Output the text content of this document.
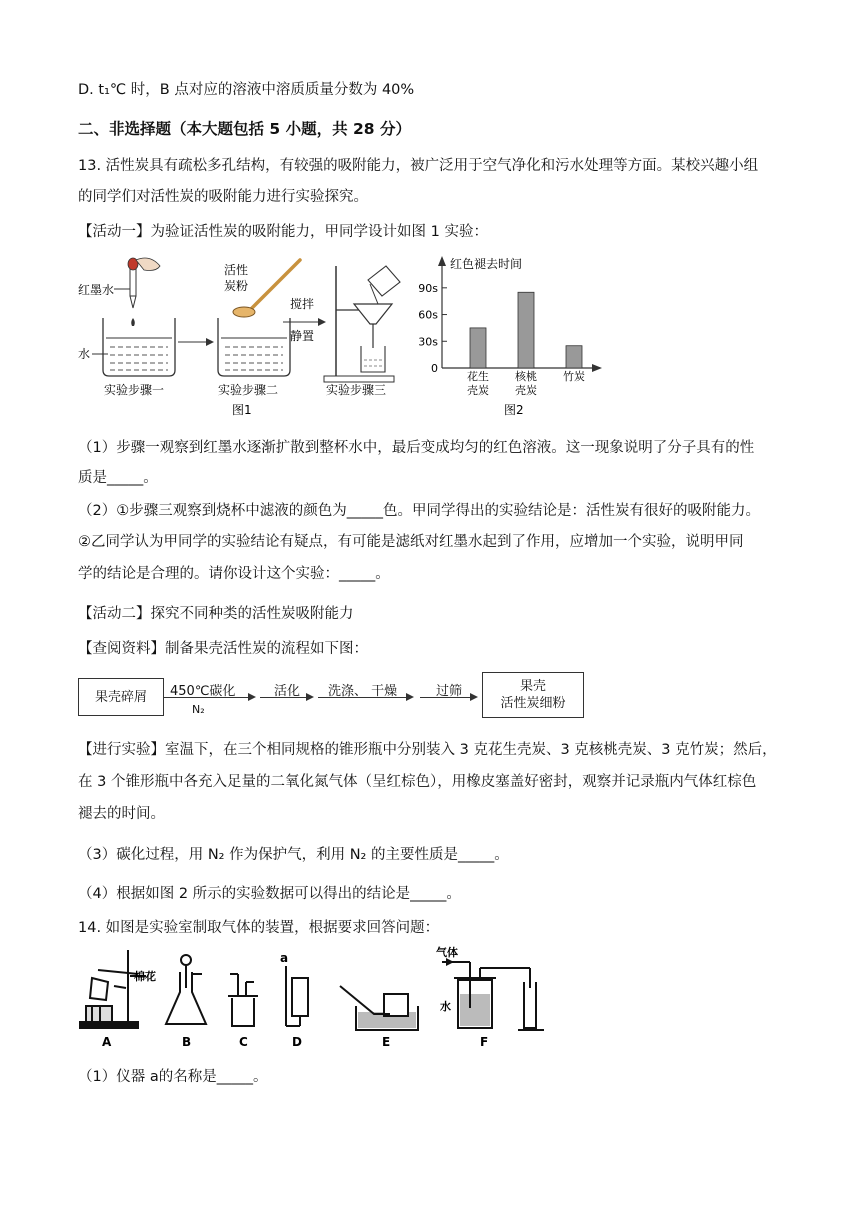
D. t₁℃ 时，B 点对应的溶液中溶质质量分数为 40%
二、非选择题（本大题包括 5 小题，共 28 分）
13. 活性炭具有疏松多孔结构，有较强的吸附能力，被广泛用于空气净化和污水处理等方面。某校兴趣小组
的同学们对活性炭的吸附能力进行实验探究。
【活动一】为验证活性炭的吸附能力，甲同学设计如图 1 实验：
红墨水
水
实验步骤一
活性
炭粉
实验步骤二
搅拌
静置
实验步骤三
图1
红色褪去时间
0
30s
60s
90s
花生
壳炭
核桃
壳炭
竹炭
图2
（1）步骤一观察到红墨水逐渐扩散到整杯水中，最后变成均匀的红色溶液。这一现象说明了分子具有的性
质是_____。
（2）①步骤三观察到烧杯中滤液的颜色为_____色。甲同学得出的实验结论是：活性炭有很好的吸附能力。
②乙同学认为甲同学的实验结论有疑点，有可能是滤纸对红墨水起到了作用，应增加一个实验，说明甲同
学的结论是合理的。请你设计这个实验：_____。
【活动二】探究不同种类的活性炭吸附能力
【查阅资料】制备果壳活性炭的流程如下图：
果壳碎屑 450℃碳化
N₂
活化 洗涤、 干燥	过筛	果壳
活性炭细粉
【进行实验】室温下，在三个相同规格的锥形瓶中分别装入 3 克花生壳炭、3 克核桃壳炭、3 克竹炭；然后，
在 3 个锥形瓶中各充入足量的二氧化氮气体（呈红棕色），用橡皮塞盖好密封，观察并记录瓶内气体红棕色
褪去的时间。
（3）碳化过程，用 N₂ 作为保护气，利用 N₂ 的主要性质是_____。
（4）根据如图 2 所示的实验数据可以得出的结论是_____。
14. 如图是实验室制取气体的装置，根据要求回答问题：
棉花
a	气体
水
A	B	C	D	E	F
（1）仪器 a的名称是_____。
